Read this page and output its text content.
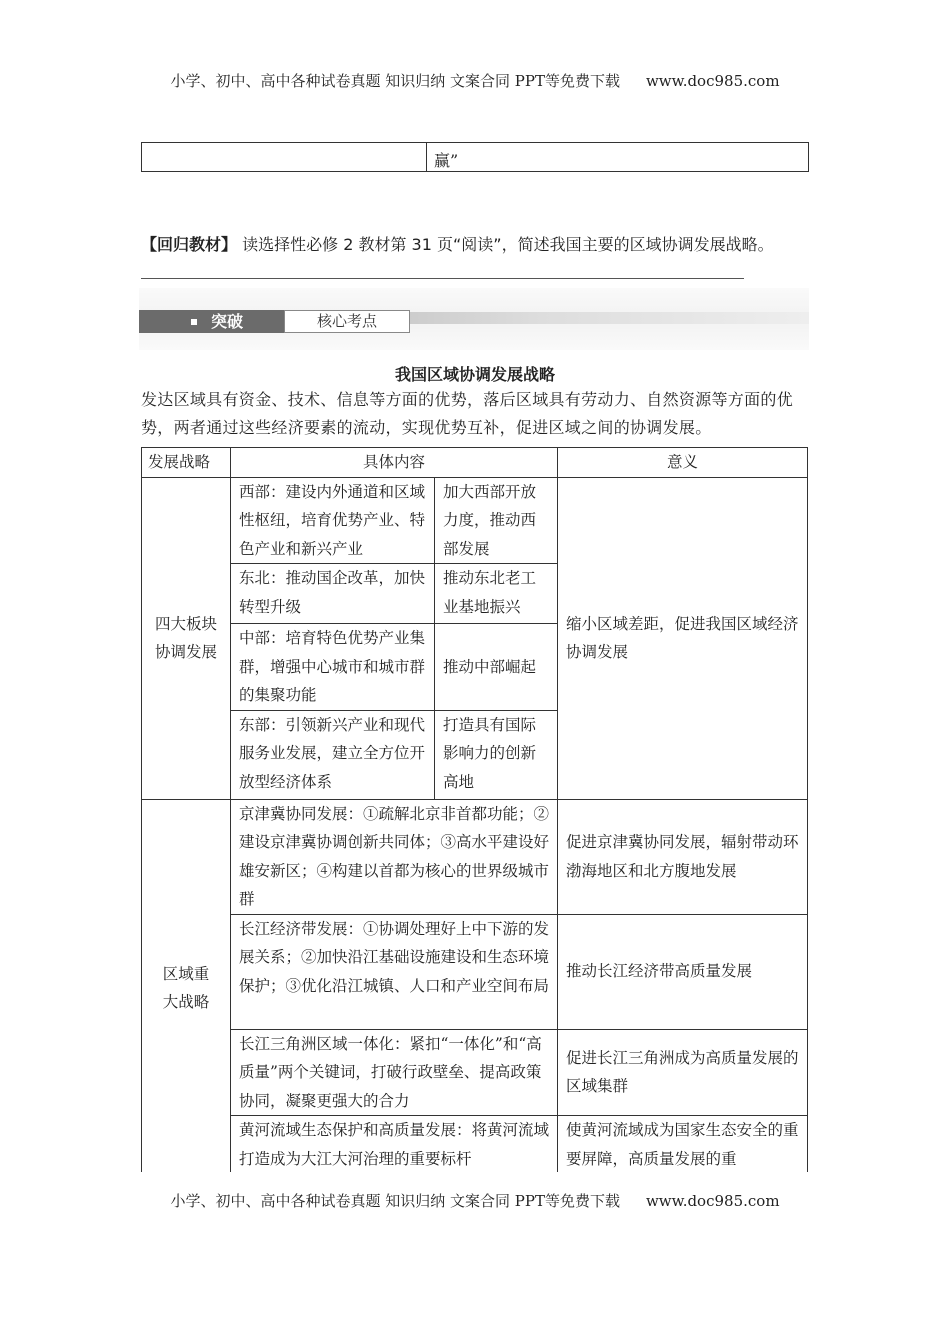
小学、初中、高中各种试卷真题 知识归纳 文案合同 PPT等免费下载 www.doc985.com
赢”
【回归教材】 读选择性必修 2 教材第 31 页“阅读”，简述我国主要的区域协调发展战略。
突破	核心考点
我国区域协调发展战略
发达区域具有资金、技术、信息等方面的优势，落后区域具有劳动力、自然资源等方面的优势，两者通过这些经济要素的流动，实现优势互补，促进区域之间的协调发展。
发展战略	具体内容		意义
四大板块协调发展	西部：建设内外通道和区域性枢纽，培育优势产业、特色产业和新兴产业	加大西部开放力度，推动西部发展	缩小区域差距，促进我国区域经济协调发展
	东北：推动国企改革，加快转型升级	推动东北老工业基地振兴	
	中部：培育特色优势产业集群，增强中心城市和城市群的集聚功能	推动中部崛起	
	东部：引领新兴产业和现代服务业发展，建立全方位开放型经济体系	打造具有国际影响力的创新高地	
区域重大战略	京津冀协同发展：①疏解北京非首都功能；②建设京津冀协调创新共同体；③高水平建设好雄安新区；④构建以首都为核心的世界级城市群		促进京津冀协同发展，辐射带动环渤海地区和北方腹地发展
	长江经济带发展：①协调处理好上中下游的发展关系；②加快沿江基础设施建设和生态环境保护；③优化沿江城镇、人口和产业空间布局		推动长江经济带高质量发展
	长江三角洲区域一体化：紧扣“一体化”和“高质量”两个关键词，打破行政壁垒、提高政策协同，凝聚更强大的合力		促进长江三角洲成为高质量发展的区域集群
	黄河流域生态保护和高质量发展：将黄河流域打造成为大江大河治理的重要标杆		使黄河流域成为国家生态安全的重要屏障，高质量发展的重
小学、初中、高中各种试卷真题 知识归纳 文案合同 PPT等免费下载 www.doc985.com
